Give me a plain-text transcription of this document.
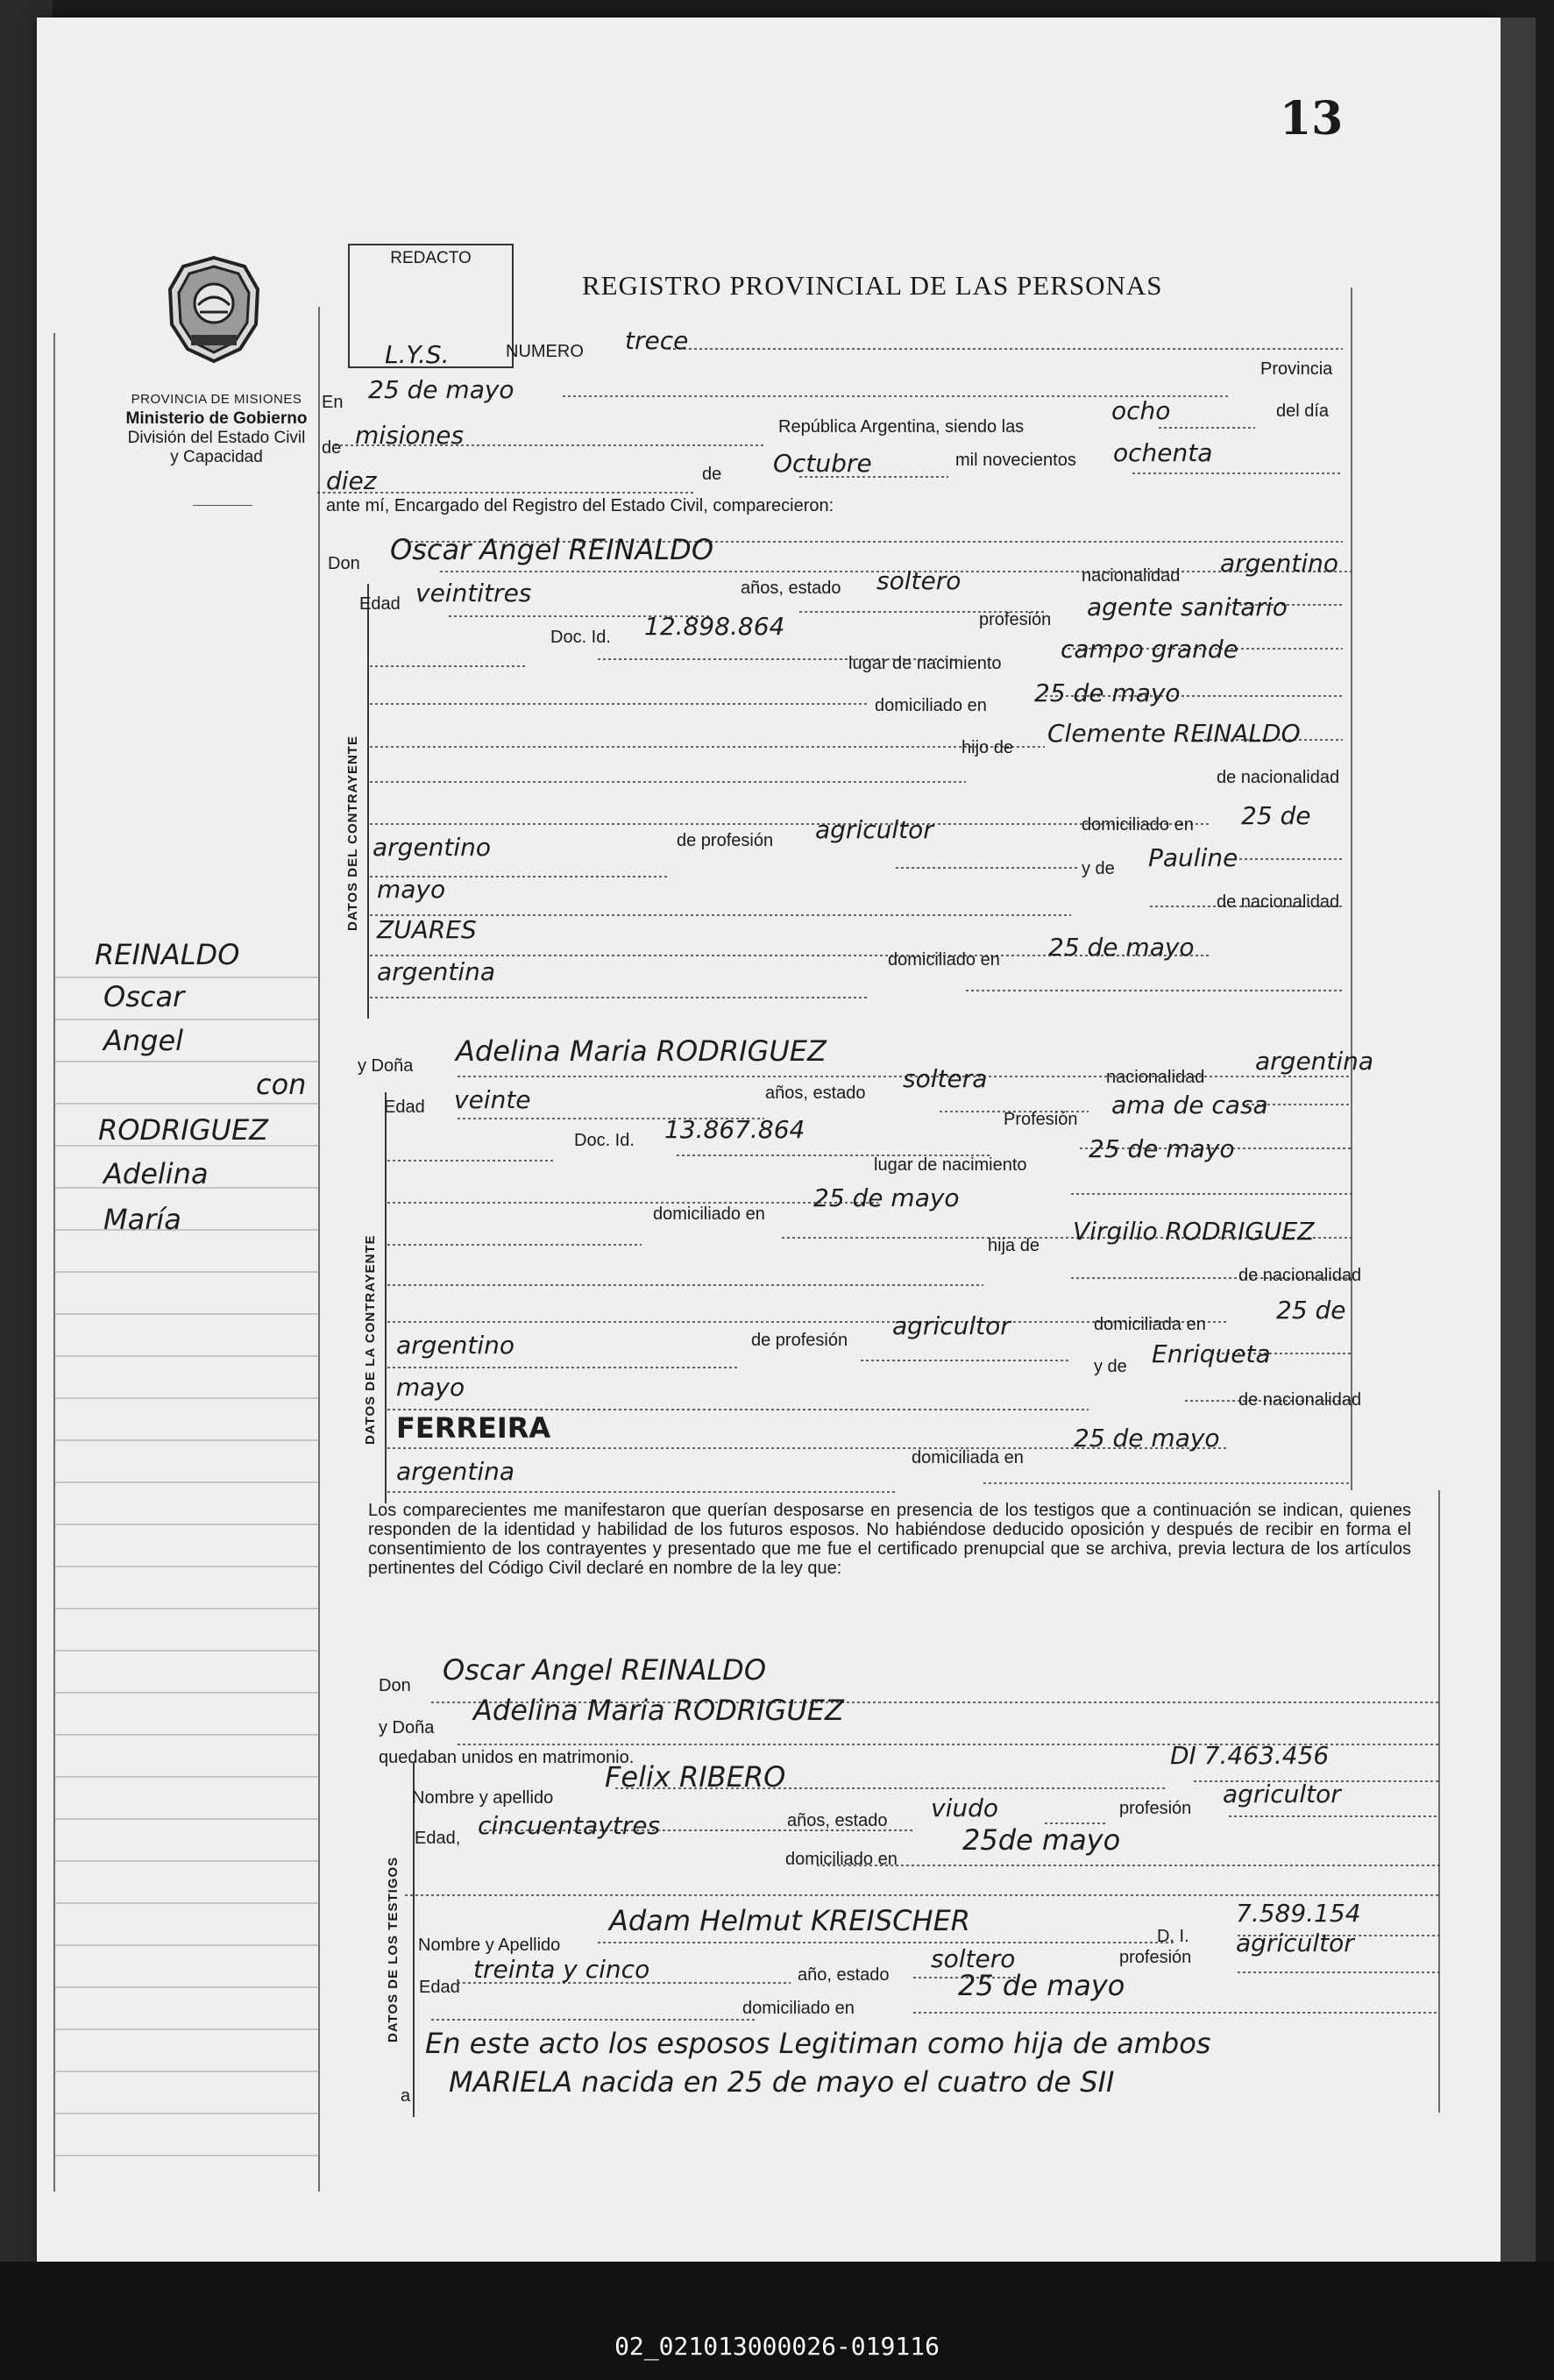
13
PROVINCIA DE MISIONES
Ministerio de Gobierno
División del Estado Civil
y Capacidad
REDACTO
L.Y.S.
REGISTRO PROVINCIAL DE LAS PERSONAS
NUMERO trece
En 25 de mayo
Provincia
de misiones	República Argentina, siendo las
ocho	del día
diez	de Octubre	mil novecientos ochenta
ante mí, Encargado del Registro del Estado Civil, comparecieron:
DATOS DEL CONTRAYENTE
Don Oscar Angel REINALDO
Edad veintitres	años, estado soltero	nacionalidad argentino
Doc. Id. 12.898.864	profesión agente sanitario
lugar de nacimiento campo grande
domiciliado en 25 de mayo
hijo de Clemente REINALDO
de nacionalidad
argentino	de profesión agricultor	domiciliado en 25 de
mayo
y de Pauline
ZUARES
de nacionalidad
argentina	domiciliado en 25 de mayo
REINALDO
Oscar
Angel
con
RODRIGUEZ
Adelina
María
DATOS DE LA CONTRAYENTE
y Doña Adelina Maria RODRIGUEZ
Edad veinte	años, estado soltera	nacionalidad
argentina
Doc. Id. 13.867.864	Profesión ama de casa
lugar de nacimiento
25 de mayo
domiciliado en
25 de mayo
hija de Virgilio RODRIGUEZ
de nacionalidad
argentino	de profesión agricultor	domiciliada en	25 de
mayo
y de Enriqueta
FERREIRA
de nacionalidad
argentina	domiciliada en
25 de mayo
Los comparecientes me manifestaron que querían desposarse en presencia de los testigos que a continuación se indican, quienes responden de la identidad y habilidad de los futuros esposos. No habiéndose deducido oposición y después de recibir en forma el consentimiento de los contrayentes y presentado que me fue el certificado prenupcial que se archiva, previa lectura de los artículos pertinentes del Código Civil declaré en nombre de la ley que:
Don Oscar Angel REINALDO
y Doña
Adelina Maria RODRIGUEZ
quedaban unidos en matrimonio.
DATOS DE LOS TESTIGOS
Nombre y apellido
Felix RIBERO
DI 7.463.456
Edad, cincuentaytres	años, estado viudo	profesión agricultor
domiciliado en
25de mayo
Nombre y Apellido
Adam Helmut KREISCHER	D. I.
7.589.154
Edad
treinta y cinco	año, estado
soltero	profesión agricultor
domiciliado en
25 de mayo
En este acto los esposos Legitiman como hija de ambos
a MARIELA nacida en 25 de mayo el cuatro de SII
02_021013000026-019116
